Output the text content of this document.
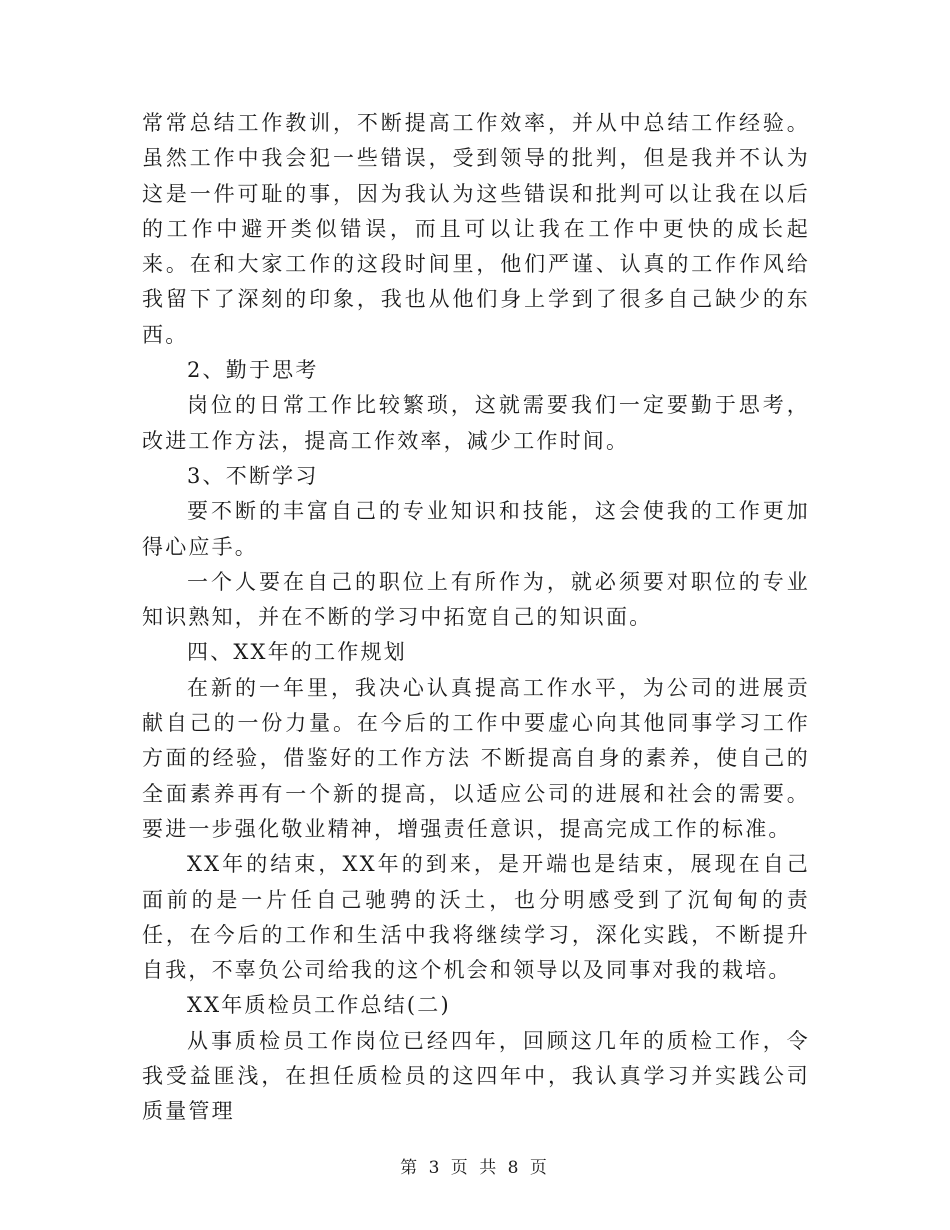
常常总结工作教训，不断提高工作效率，并从中总结工作经验。虽然工作中我会犯一些错误，受到领导的批判，但是我并不认为这是一件可耻的事，因为我认为这些错误和批判可以让我在以后的工作中避开类似错误，而且可以让我在工作中更快的成长起来。在和大家工作的这段时间里，他们严谨、认真的工作作风给我留下了深刻的印象，我也从他们身上学到了很多自己缺少的东西。

2、勤于思考

岗位的日常工作比较繁琐，这就需要我们一定要勤于思考，改进工作方法，提高工作效率，减少工作时间。

3、不断学习

要不断的丰富自己的专业知识和技能，这会使我的工作更加得心应手。

一个人要在自己的职位上有所作为，就必须要对职位的专业知识熟知，并在不断的学习中拓宽自己的知识面。

四、XX年的工作规划

在新的一年里，我决心认真提高工作水平，为公司的进展贡献自己的一份力量。在今后的工作中要虚心向其他同事学习工作方面的经验，借鉴好的工作方法 不断提高自身的素养，使自己的全面素养再有一个新的提高，以适应公司的进展和社会的需要。要进一步强化敬业精神，增强责任意识，提高完成工作的标准。

XX年的结束，XX年的到来，是开端也是结束，展现在自己面前的是一片任自己驰骋的沃土，也分明感受到了沉甸甸的责任，在今后的工作和生活中我将继续学习，深化实践，不断提升自我，不辜负公司给我的这个机会和领导以及同事对我的栽培。

XX年质检员工作总结(二)

从事质检员工作岗位已经四年，回顾这几年的质检工作，令我受益匪浅，在担任质检员的这四年中，我认真学习并实践公司质量管理

第 3 页 共 8 页
